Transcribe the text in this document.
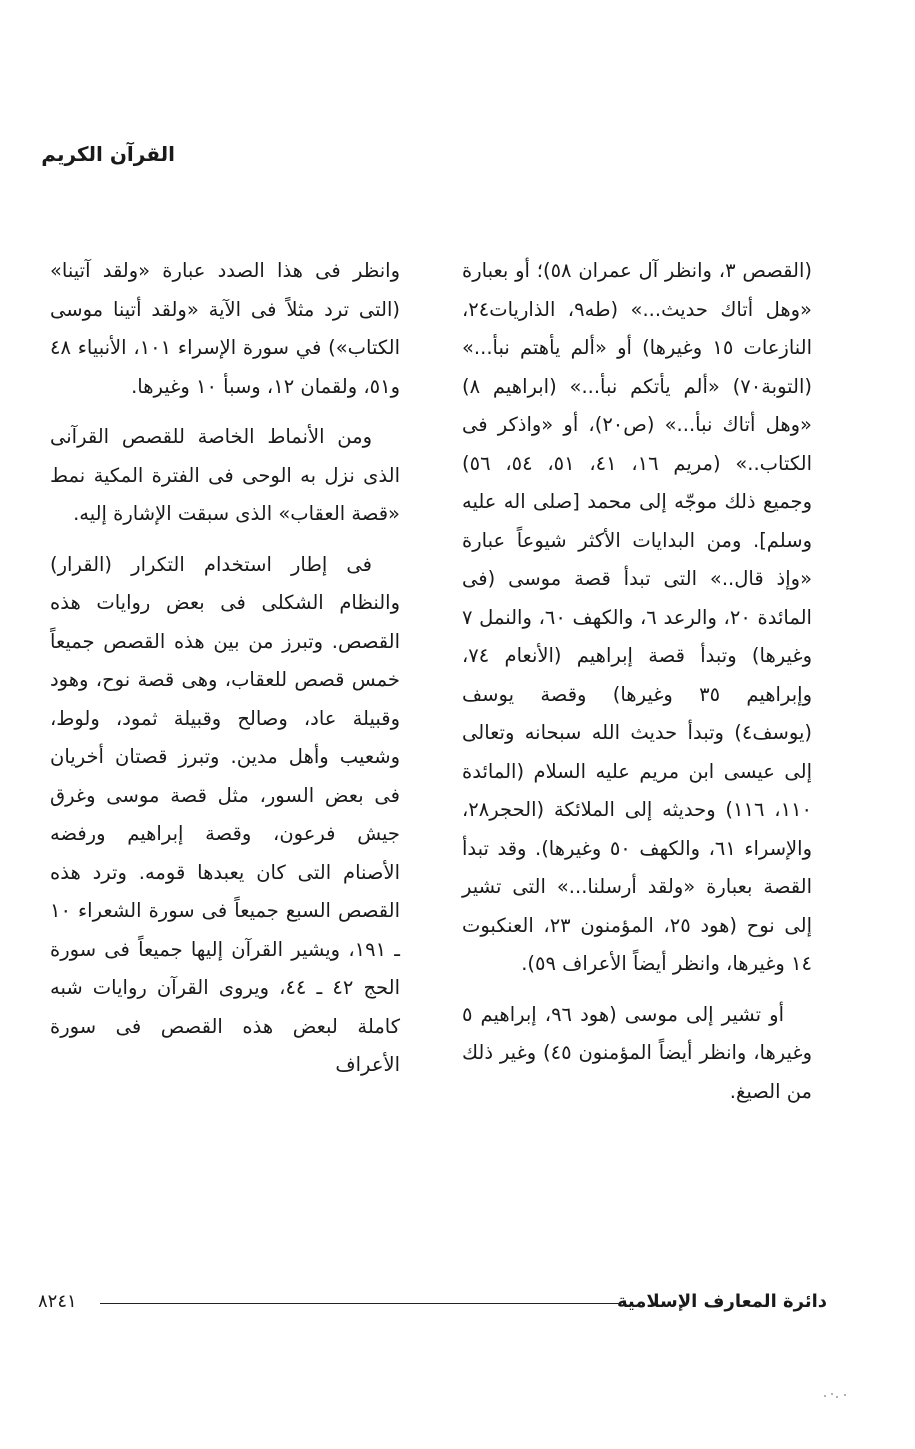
القرآن الكريم

(القصص ٣، وانظر آل عمران ٥٨)؛ أو بعبارة «وهل أتاك حديث...» (طه٩، الذاريات٢٤، النازعات ١٥ وغيرها) أو «ألم يأهتم نبأ...» (التوبة٧٠) «ألم يأتكم نبأ...» (ابراهيم ٨) «وهل أتاك نبأ...» (ص٢٠)، أو «واذكر فى الكتاب..» (مريم ١٦، ٤١، ٥١، ٥٤، ٥٦) وجميع ذلك موجّه إلى محمد [صلى اله عليه وسلم]. ومن البدايات الأكثر شيوعاً عبارة «وإذ قال..» التى تبدأ قصة موسى (فى المائدة ٢٠، والرعد ٦، والكهف ٦٠، والنمل ٧ وغيرها) وتبدأ قصة إبراهيم (الأنعام ٧٤، وإبراهيم ٣٥ وغيرها) وقصة يوسف (يوسف٤) وتبدأ حديث الله سبحانه وتعالى إلى عيسى ابن مريم عليه السلام (المائدة ١١٠، ١١٦) وحديثه إلى الملائكة (الحجر٢٨، والإسراء ٦١، والكهف ٥٠ وغيرها). وقد تبدأ القصة بعبارة «ولقد أرسلنا...» التى تشير إلى نوح (هود ٢٥، المؤمنون ٢٣، العنكبوت ١٤ وغيرها، وانظر أيضاً الأعراف ٥٩).

أو تشير إلى موسى (هود ٩٦، إبراهيم ٥ وغيرها، وانظر أيضاً المؤمنون ٤٥) وغير ذلك من الصيغ.

وانظر فى هذا الصدد عبارة «ولقد آتينا» (التى ترد مثلاً فى الآية «ولقد أتينا موسى الكتاب») في سورة الإسراء ١٠١، الأنبياء ٤٨ و٥١، ولقمان ١٢، وسبأ ١٠ وغيرها.

ومن الأنماط الخاصة للقصص القرآنى الذى نزل به الوحى فى الفترة المكية نمط «قصة العقاب» الذى سبقت الإشارة إليه.

فى إطار استخدام التكرار (القرار) والنظام الشكلى فى بعض روايات هذه القصص. وتبرز من بين هذه القصص جميعاً خمس قصص للعقاب، وهى قصة نوح، وهود وقبيلة عاد، وصالح وقبيلة ثمود، ولوط، وشعيب وأهل مدين. وتبرز قصتان أخريان فى بعض السور، مثل قصة موسى وغرق جيش فرعون، وقصة إبراهيم ورفضه الأصنام التى كان يعبدها قومه. وترد هذه القصص السبع جميعاً فى سورة الشعراء ١٠ ـ ١٩١، ويشير القرآن إليها جميعاً فى سورة الحج ٤٢ ـ ٤٤، ويروى القرآن روايات شبه كاملة لبعض هذه القصص فى سورة الأعراف

دائرة المعارف الإسلامية
٨٢٤١
